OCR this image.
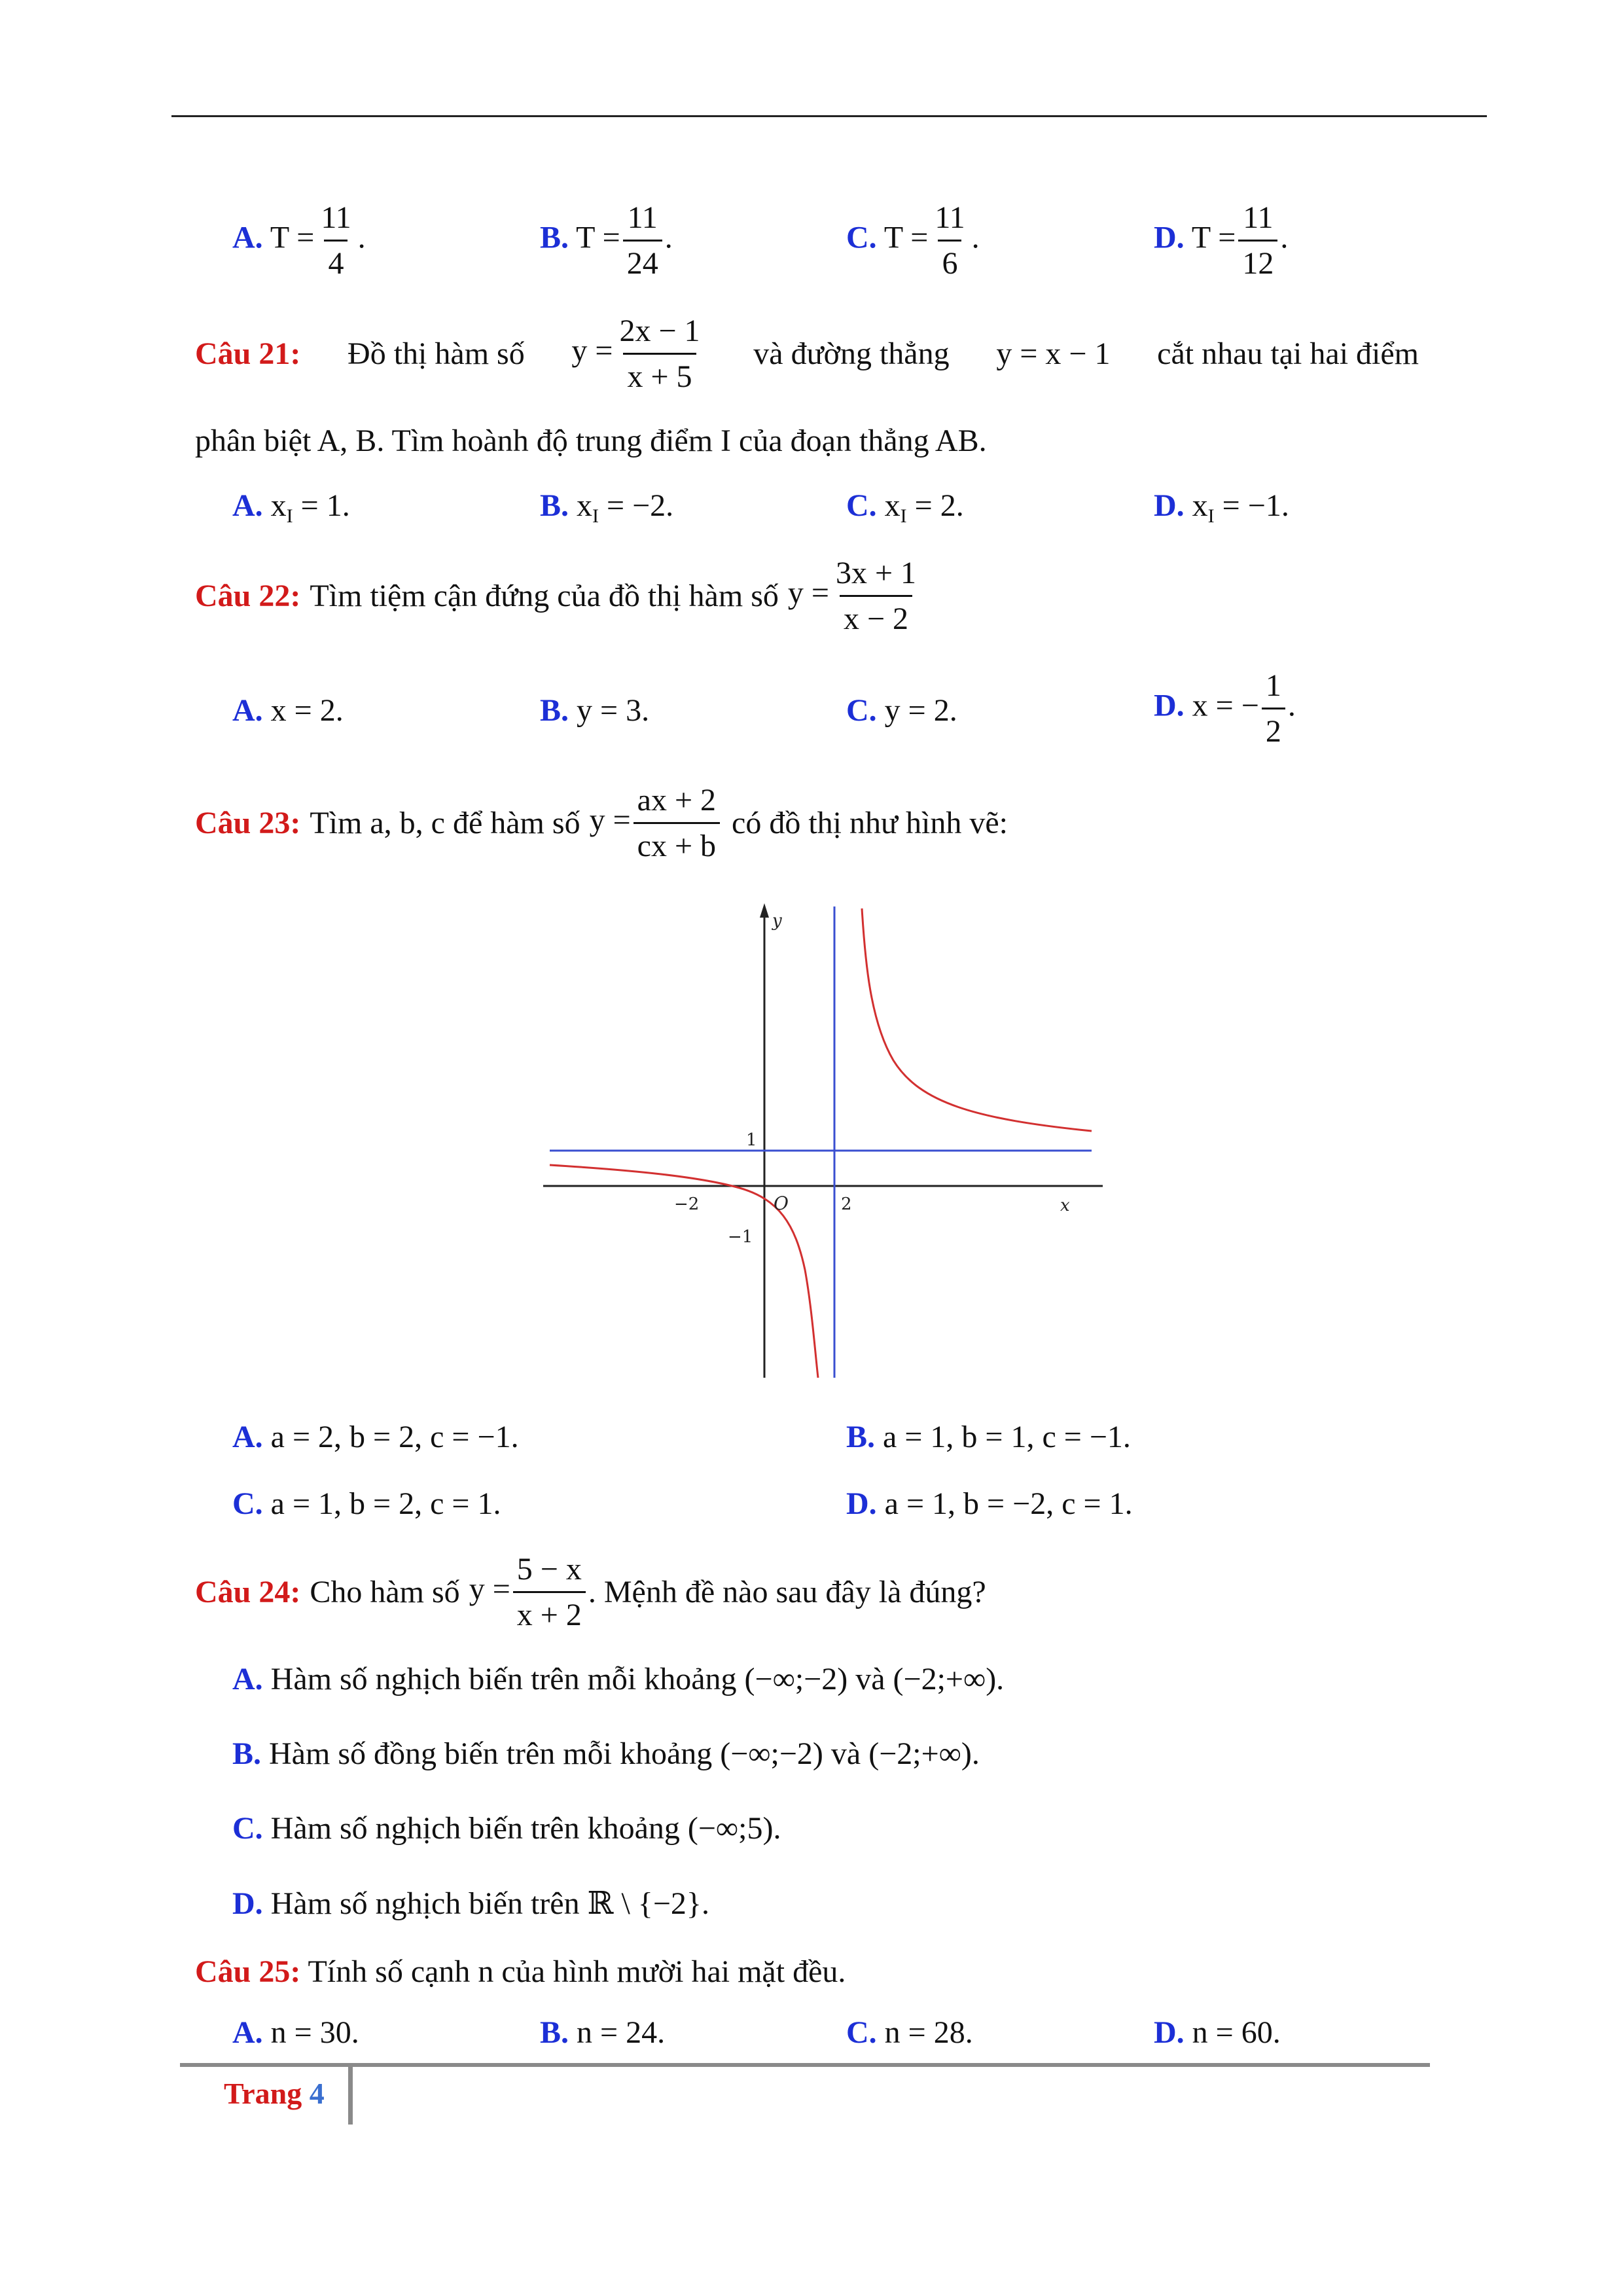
A. $T = \frac{11}{4}$ .	B. $T = \frac{11}{24}$ .	C. $T = \frac{11}{6}$ .	D. $T = \frac{11}{12}$ .
Câu 21: Đồ thị hàm số $y = \frac{2x - 1}{x + 5}$ và đường thẳng y = x − 1 cắt nhau tại hai điểm
phân biệt A, B. Tìm hoành độ trung điểm I của đoạn thẳng AB.
A. $x_I = 1$.	B. $x_I = -2$.	C. $x_I = 2$.	D. $x_I = -1$.
Câu 22: Tìm tiệm cận đứng của đồ thị hàm số $y = \frac{3x + 1}{x - 2}$
A. x = 2.	B. y = 3.	C. y = 2.	D. x = − $\frac{1}{2}$ .
Câu 23: Tìm a, b, c để hàm số $y = \frac{ax + 2}{cx + b}$ có đồ thị như hình vẽ:
y
x
O
1
2
−2
−1
A. a = 2, b = 2, c = −1.	B. a = 1, b = 1, c = −1.
C. a = 1, b = 2, c = 1.	D. a = 1, b = −2, c = 1.
Câu 24: Cho hàm số $y = \frac{5 - x}{x + 2}$ . Mệnh đề nào sau đây là đúng?
A. Hàm số nghịch biến trên mỗi khoảng (−∞;−2) và (−2;+∞).
B. Hàm số đồng biến trên mỗi khoảng (−∞;−2) và (−2;+∞).
C. Hàm số nghịch biến trên khoảng (−∞;5).
D. Hàm số nghịch biến trên ℝ \ {−2}.
Câu 25: Tính số cạnh n của hình mười hai mặt đều.
A. n = 30.	B. n = 24.	C. n = 28.	D. n = 60.
Trang 4
